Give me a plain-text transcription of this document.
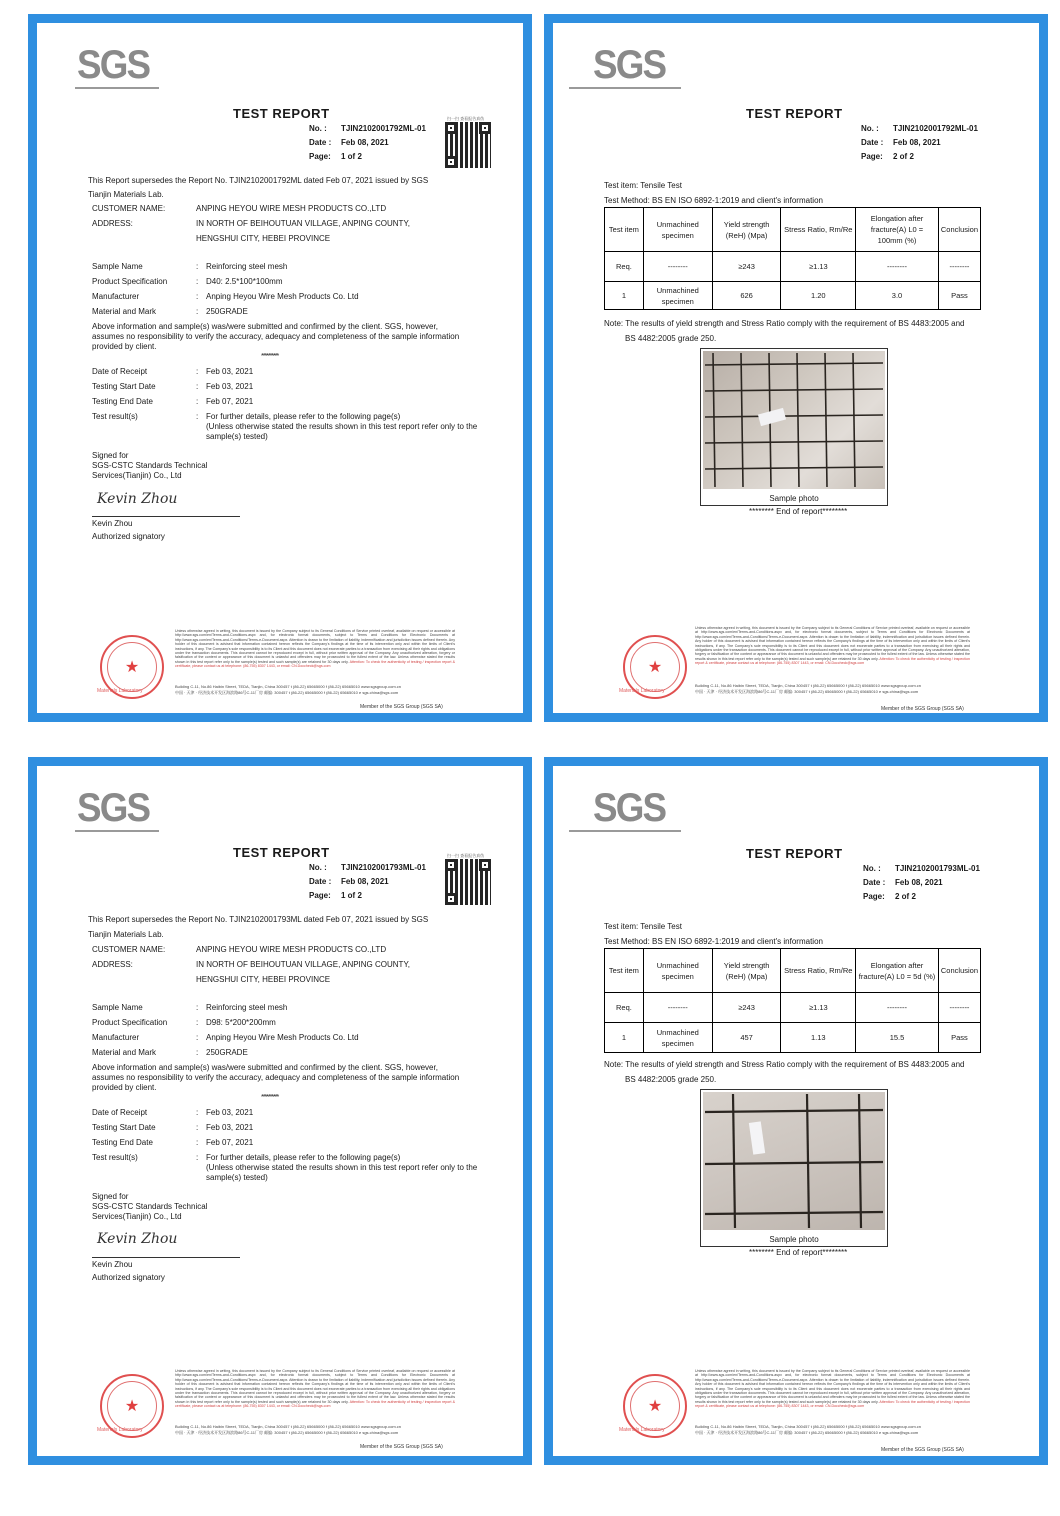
SGS
TEST REPORT
No. :	TJIN2102001792ML-01
Date :	Feb 08, 2021
Page:	1 of 2
扫一扫 查看报告真伪
This Report supersedes the Report No. TJIN2102001792ML dated Feb 07, 2021 issued by SGS
Tianjin Materials Lab.
CUSTOMER NAME:	ANPING HEYOU WIRE MESH PRODUCTS CO.,LTD
ADDRESS:	IN NORTH OF BEIHOUTUAN VILLAGE, ANPING COUNTY,
HENGSHUI CITY, HEBEI PROVINCE
Sample Name	: Reinforcing steel mesh
Product Specification	: D40: 2.5*100*100mm
Manufacturer	: Anping Heyou Wire Mesh Products Co. Ltd
Material and Mark	: 250GRADE
Above information and sample(s) was/were submitted and confirmed by the client. SGS, however, assumes no responsibility to verify the accuracy, adequacy and completeness of the sample information provided by client.
**********
Date of Receipt	: Feb 03, 2021
Testing Start Date	: Feb 03, 2021
Testing End Date	: Feb 07, 2021
Test result(s)	: For further details, please refer to the following page(s)
(Unless otherwise stated the results shown in this test report refer only to the sample(s) tested)
Signed for
SGS-CSTC Standards Technical
Services(Tianjin) Co., Ltd
Kevin Zhou
Kevin Zhou
Authorized signatory
★
Materials Laboratory
Unless otherwise agreed in writing, this document is issued by the Company subject to its General Conditions of Service printed overleaf, available on request or accessible at http://www.sgs.com/en/Terms-and-Conditions.aspx and, for electronic format documents, subject to Terms and Conditions for Electronic Documents at http://www.sgs.com/en/Terms-and-Conditions/Terms-e-Document.aspx. Attention is drawn to the limitation of liability, indemnification and jurisdiction issues defined therein. Any holder of this document is advised that information contained hereon reflects the Company's findings at the time of its intervention only and within the limits of Client's instructions, if any. The Company's sole responsibility is to its Client and this document does not exonerate parties to a transaction from exercising all their rights and obligations under the transaction documents. This document cannot be reproduced except in full, without prior written approval of the Company. Any unauthorized alteration, forgery or falsification of the content or appearance of this document is unlawful and offenders may be prosecuted to the fullest extent of the law. Unless otherwise stated the results shown in this test report refer only to the sample(s) tested and such sample(s) are retained for 30 days only. Attention: To check the authenticity of testing / inspection report & certificate, please contact us at telephone: (86-755) 8307 1443, or email: CN.Doccheck@sgs.com
Building C-11, No.86 Haibin Street, TEDA, Tianjin, China 300457 t (86-22) 65665000 f (86-22) 65665010 www.sgsgroup.com.cn
中国 · 天津 · 经济技术开发区海滨路86号C-11厂房 邮编: 300457 t (86-22) 65665000 f (86-22) 65665010 e sgs.china@sgs.com
Member of the SGS Group (SGS SA)
SGS
TEST REPORT
No. :	TJIN2102001792ML-01
Date :	Feb 08, 2021
Page:	2 of 2
Test item: Tensile Test
Test Method: BS EN ISO 6892-1:2019 and client's information
Test item	Unmachined specimen	Yield strength (ReH) (Mpa)	Stress Ratio, Rm/Re	Elongation after fracture(A) L0 = 100mm (%)	Conclusion
Req.	--------	≥243	≥1.13	--------	--------
1	Unmachined specimen	626	1.20	3.0	Pass
Note: The results of yield strength and Stress Ratio comply with the requirement of BS 4483:2005 and
BS 4482:2005 grade 250.
Sample photo
******** End of report********
★
Materials Laboratory
Unless otherwise agreed in writing, this document is issued by the Company subject to its General Conditions of Service printed overleaf, available on request or accessible at http://www.sgs.com/en/Terms-and-Conditions.aspx and, for electronic format documents, subject to Terms and Conditions for Electronic Documents at http://www.sgs.com/en/Terms-and-Conditions/Terms-e-Document.aspx. Attention is drawn to the limitation of liability, indemnification and jurisdiction issues defined therein. Any holder of this document is advised that information contained hereon reflects the Company's findings at the time of its intervention only and within the limits of Client's instructions, if any. The Company's sole responsibility is to its Client and this document does not exonerate parties to a transaction from exercising all their rights and obligations under the transaction documents. This document cannot be reproduced except in full, without prior written approval of the Company. Any unauthorized alteration, forgery or falsification of the content or appearance of this document is unlawful and offenders may be prosecuted to the fullest extent of the law. Unless otherwise stated the results shown in this test report refer only to the sample(s) tested and such sample(s) are retained for 30 days only. Attention: To check the authenticity of testing / inspection report & certificate, please contact us at telephone: (86-755) 8307 1443, or email: CN.Doccheck@sgs.com
Building C-11, No.86 Haibin Street, TEDA, Tianjin, China 300457 t (86-22) 65665000 f (86-22) 65665010 www.sgsgroup.com.cn
中国 · 天津 · 经济技术开发区海滨路86号C-11厂房 邮编: 300457 t (86-22) 65665000 f (86-22) 65665010 e sgs.china@sgs.com
Member of the SGS Group (SGS SA)
SGS
TEST REPORT
No. :	TJIN2102001793ML-01
Date :	Feb 08, 2021
Page:	1 of 2
扫一扫 查看报告真伪
This Report supersedes the Report No. TJIN2102001793ML dated Feb 07, 2021 issued by SGS
Tianjin Materials Lab.
CUSTOMER NAME:	ANPING HEYOU WIRE MESH PRODUCTS CO.,LTD
ADDRESS:	IN NORTH OF BEIHOUTUAN VILLAGE, ANPING COUNTY,
HENGSHUI CITY, HEBEI PROVINCE
Sample Name	: Reinforcing steel mesh
Product Specification	: D98: 5*200*200mm
Manufacturer	: Anping Heyou Wire Mesh Products Co. Ltd
Material and Mark	: 250GRADE
Above information and sample(s) was/were submitted and confirmed by the client. SGS, however, assumes no responsibility to verify the accuracy, adequacy and completeness of the sample information provided by client.
**********
Date of Receipt	: Feb 03, 2021
Testing Start Date	: Feb 03, 2021
Testing End Date	: Feb 07, 2021
Test result(s)	: For further details, please refer to the following page(s)
(Unless otherwise stated the results shown in this test report refer only to the sample(s) tested)
Signed for
SGS-CSTC Standards Technical
Services(Tianjin) Co., Ltd
Kevin Zhou
Kevin Zhou
Authorized signatory
★
Materials Laboratory
Unless otherwise agreed in writing, this document is issued by the Company subject to its General Conditions of Service printed overleaf, available on request or accessible at http://www.sgs.com/en/Terms-and-Conditions.aspx and, for electronic format documents, subject to Terms and Conditions for Electronic Documents at http://www.sgs.com/en/Terms-and-Conditions/Terms-e-Document.aspx. Attention is drawn to the limitation of liability, indemnification and jurisdiction issues defined therein. Any holder of this document is advised that information contained hereon reflects the Company's findings at the time of its intervention only and within the limits of Client's instructions, if any. The Company's sole responsibility is to its Client and this document does not exonerate parties to a transaction from exercising all their rights and obligations under the transaction documents. This document cannot be reproduced except in full, without prior written approval of the Company. Any unauthorized alteration, forgery or falsification of the content or appearance of this document is unlawful and offenders may be prosecuted to the fullest extent of the law. Unless otherwise stated the results shown in this test report refer only to the sample(s) tested and such sample(s) are retained for 30 days only. Attention: To check the authenticity of testing / inspection report & certificate, please contact us at telephone: (86-755) 8307 1443, or email: CN.Doccheck@sgs.com
Building C-11, No.86 Haibin Street, TEDA, Tianjin, China 300457 t (86-22) 65665000 f (86-22) 65665010 www.sgsgroup.com.cn
中国 · 天津 · 经济技术开发区海滨路86号C-11厂房 邮编: 300457 t (86-22) 65665000 f (86-22) 65665010 e sgs.china@sgs.com
Member of the SGS Group (SGS SA)
SGS
TEST REPORT
No. :	TJIN2102001793ML-01
Date :	Feb 08, 2021
Page:	2 of 2
Test item: Tensile Test
Test Method: BS EN ISO 6892-1:2019 and client's information
Test item	Unmachined specimen	Yield strength (ReH) (Mpa)	Stress Ratio, Rm/Re	Elongation after fracture(A) L0 = 5d (%)	Conclusion
Req.	--------	≥243	≥1.13	--------	--------
1	Unmachined specimen	457	1.13	15.5	Pass
Note: The results of yield strength and Stress Ratio comply with the requirement of BS 4483:2005 and
BS 4482:2005 grade 250.
Sample photo
******** End of report********
★
Materials Laboratory
Unless otherwise agreed in writing, this document is issued by the Company subject to its General Conditions of Service printed overleaf, available on request or accessible at http://www.sgs.com/en/Terms-and-Conditions.aspx and, for electronic format documents, subject to Terms and Conditions for Electronic Documents at http://www.sgs.com/en/Terms-and-Conditions/Terms-e-Document.aspx. Attention is drawn to the limitation of liability, indemnification and jurisdiction issues defined therein. Any holder of this document is advised that information contained hereon reflects the Company's findings at the time of its intervention only and within the limits of Client's instructions, if any. The Company's sole responsibility is to its Client and this document does not exonerate parties to a transaction from exercising all their rights and obligations under the transaction documents. This document cannot be reproduced except in full, without prior written approval of the Company. Any unauthorized alteration, forgery or falsification of the content or appearance of this document is unlawful and offenders may be prosecuted to the fullest extent of the law. Unless otherwise stated the results shown in this test report refer only to the sample(s) tested and such sample(s) are retained for 30 days only. Attention: To check the authenticity of testing / inspection report & certificate, please contact us at telephone: (86-755) 8307 1443, or email: CN.Doccheck@sgs.com
Building C-11, No.86 Haibin Street, TEDA, Tianjin, China 300457 t (86-22) 65665000 f (86-22) 65665010 www.sgsgroup.com.cn
中国 · 天津 · 经济技术开发区海滨路86号C-11厂房 邮编: 300457 t (86-22) 65665000 f (86-22) 65665010 e sgs.china@sgs.com
Member of the SGS Group (SGS SA)
